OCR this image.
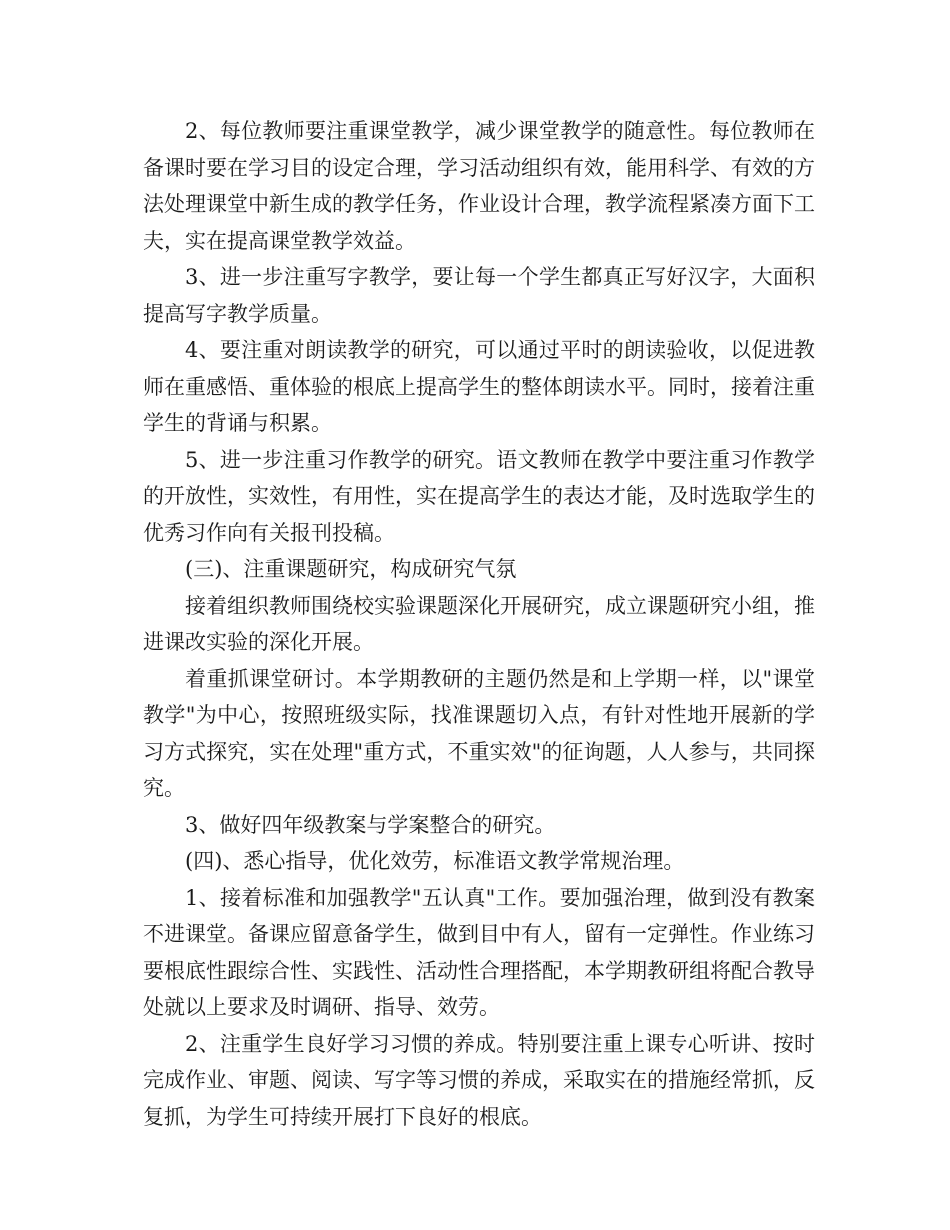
2、每位教师要注重课堂教学，减少课堂教学的随意性。每位教师在备课时要在学习目的设定合理，学习活动组织有效，能用科学、有效的方法处理课堂中新生成的教学任务，作业设计合理，教学流程紧凑方面下工夫，实在提高课堂教学效益。

3、进一步注重写字教学，要让每一个学生都真正写好汉字，大面积提高写字教学质量。

4、要注重对朗读教学的研究，可以通过平时的朗读验收，以促进教师在重感悟、重体验的根底上提高学生的整体朗读水平。同时，接着注重学生的背诵与积累。

5、进一步注重习作教学的研究。语文教师在教学中要注重习作教学的开放性，实效性，有用性，实在提高学生的表达才能，及时选取学生的优秀习作向有关报刊投稿。

(三)、注重课题研究，构成研究气氛

接着组织教师围绕校实验课题深化开展研究，成立课题研究小组，推进课改实验的深化开展。

着重抓课堂研讨。本学期教研的主题仍然是和上学期一样，以"课堂教学"为中心，按照班级实际，找准课题切入点，有针对性地开展新的学习方式探究，实在处理"重方式，不重实效"的征询题，人人参与，共同探究。

3、做好四年级教案与学案整合的研究。

(四)、悉心指导，优化效劳，标准语文教学常规治理。

1、接着标准和加强教学"五认真"工作。要加强治理，做到没有教案不进课堂。备课应留意备学生，做到目中有人，留有一定弹性。作业练习要根底性跟综合性、实践性、活动性合理搭配，本学期教研组将配合教导处就以上要求及时调研、指导、效劳。

2、注重学生良好学习习惯的养成。特别要注重上课专心听讲、按时完成作业、审题、阅读、写字等习惯的养成，采取实在的措施经常抓，反复抓，为学生可持续开展打下良好的根底。
